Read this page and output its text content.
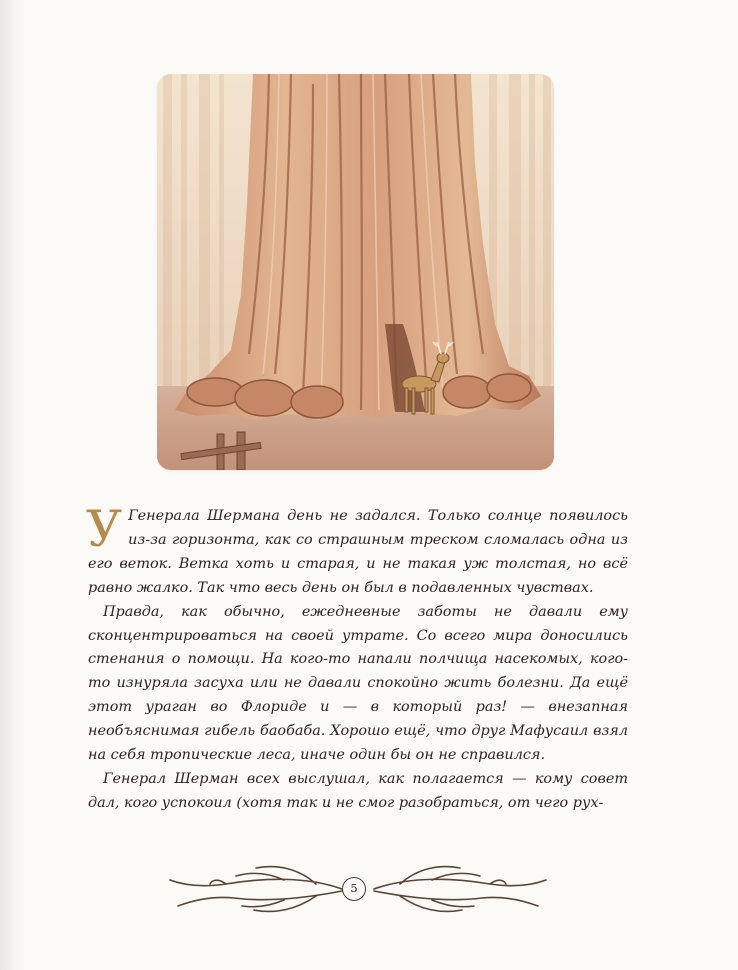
У Генерала Шермана день не задался. Только солнце появилось из-за горизонта, как со страшным треском сломалась одна из его веток. Ветка хоть и старая, и не такая уж толстая, но всё равно жалко. Так что весь день он был в подавленных чувствах.

Правда, как обычно, ежедневные заботы не давали ему сконцентрироваться на своей утрате. Со всего мира доносились стенания о помощи. На кого-то напали полчища насекомых, кого-то изнуряла засуха или не давали спокойно жить болезни. Да ещё этот ураган во Флориде и — в который раз! — внезапная необъяснимая гибель баобаба. Хорошо ещё, что друг Мафусаил взял на себя тропические леса, иначе один бы он не справился.

Генерал Шерман всех выслушал, как полагается — кому совет дал, кого успокоил (хотя так и не смог разобраться, от чего рух-

5
